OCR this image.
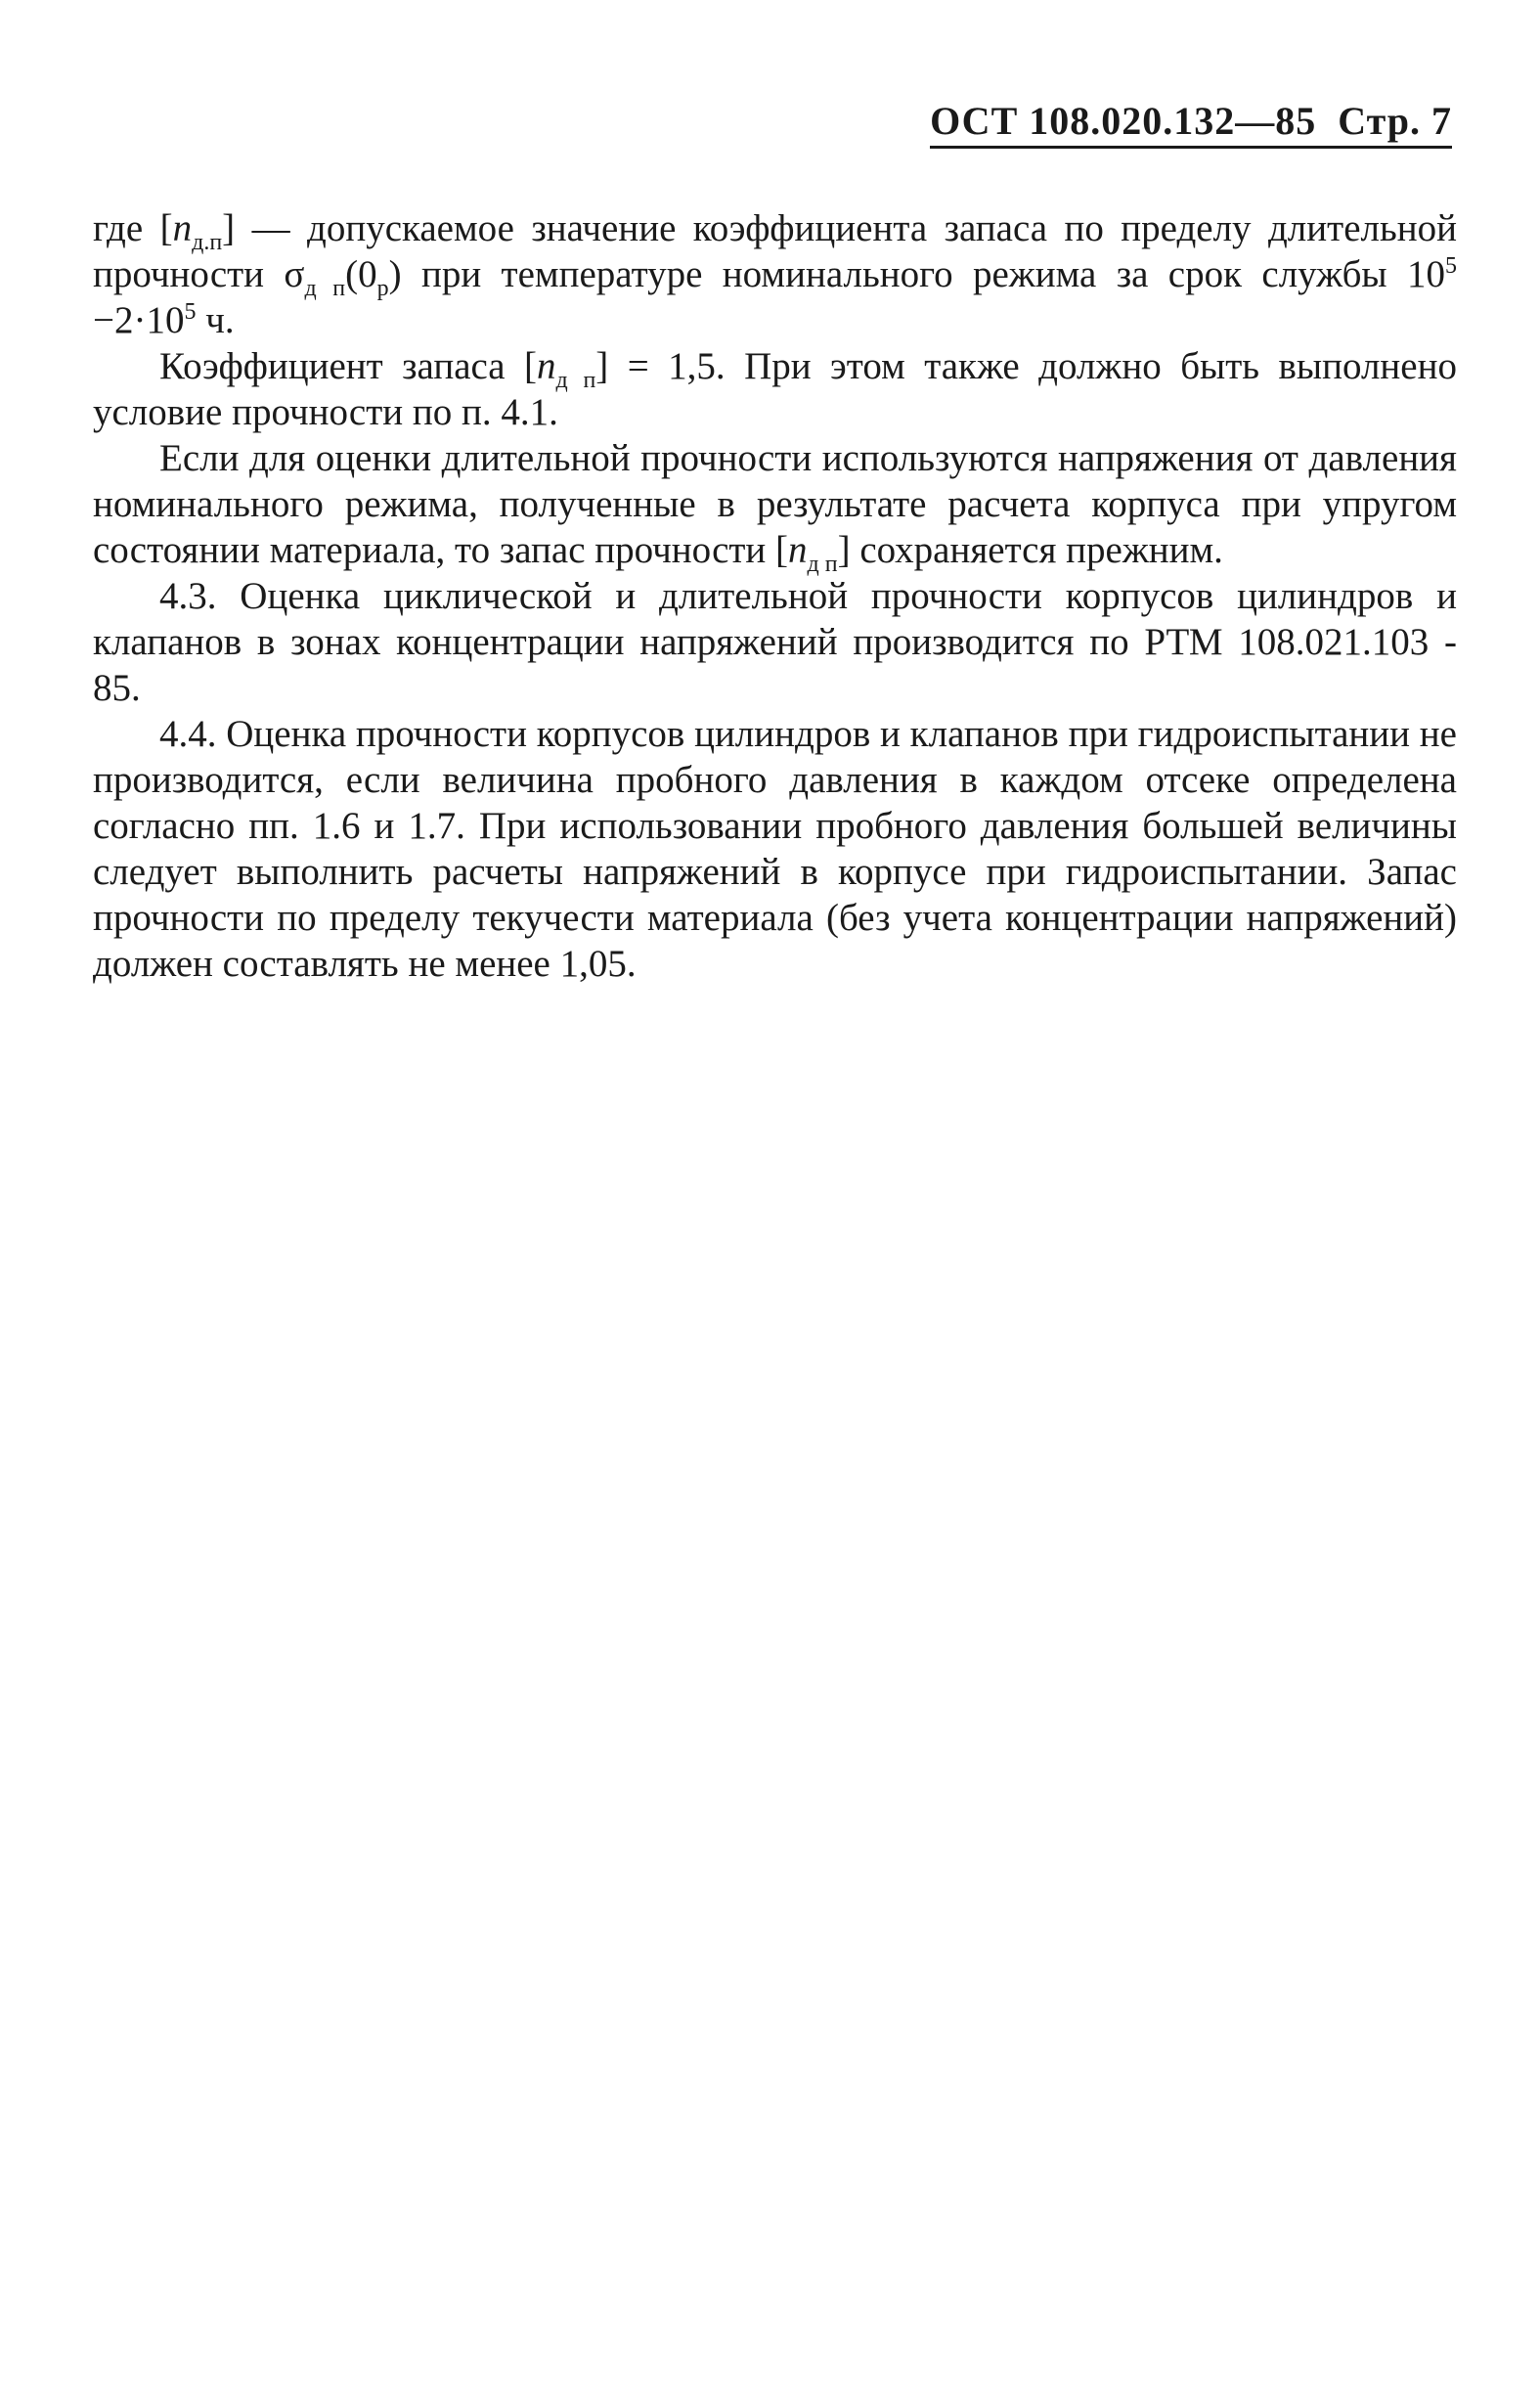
ОСТ 108.020.132—85 Стр. 7

где $[n_{д.п}]$ — допускаемое значение коэффициента запаса по пределу длительной прочности $\sigma_{д п}(0_р)$ при температуре номинального режима за срок службы $10^5 -2\cdot 10^5$ ч.

Коэффициент запаса $[n_{д п}] = 1,5$. При этом также должно быть выполнено условие прочности по п. 4.1.

Если для оценки длительной прочности используются напряжения от давления номинального режима, полученные в результате расчета корпуса при упругом состоянии материала, то запас прочности $[n_{д п}]$ сохраняется прежним.

4.3. Оценка циклической и длительной прочности корпусов цилиндров и клапанов в зонах концентрации напряжений производится по РТМ 108.021.103 - 85.

4.4. Оценка прочности корпусов цилиндров и клапанов при гидроиспытании не производится, если величина пробного давления в каждом отсеке определена согласно пп. 1.6 и 1.7. При использовании пробного давления большей величины следует выполнить расчеты напряжений в корпусе при гидроиспытании. Запас прочности по пределу текучести материала (без учета концентрации напряжений) должен составлять не менее 1,05.
